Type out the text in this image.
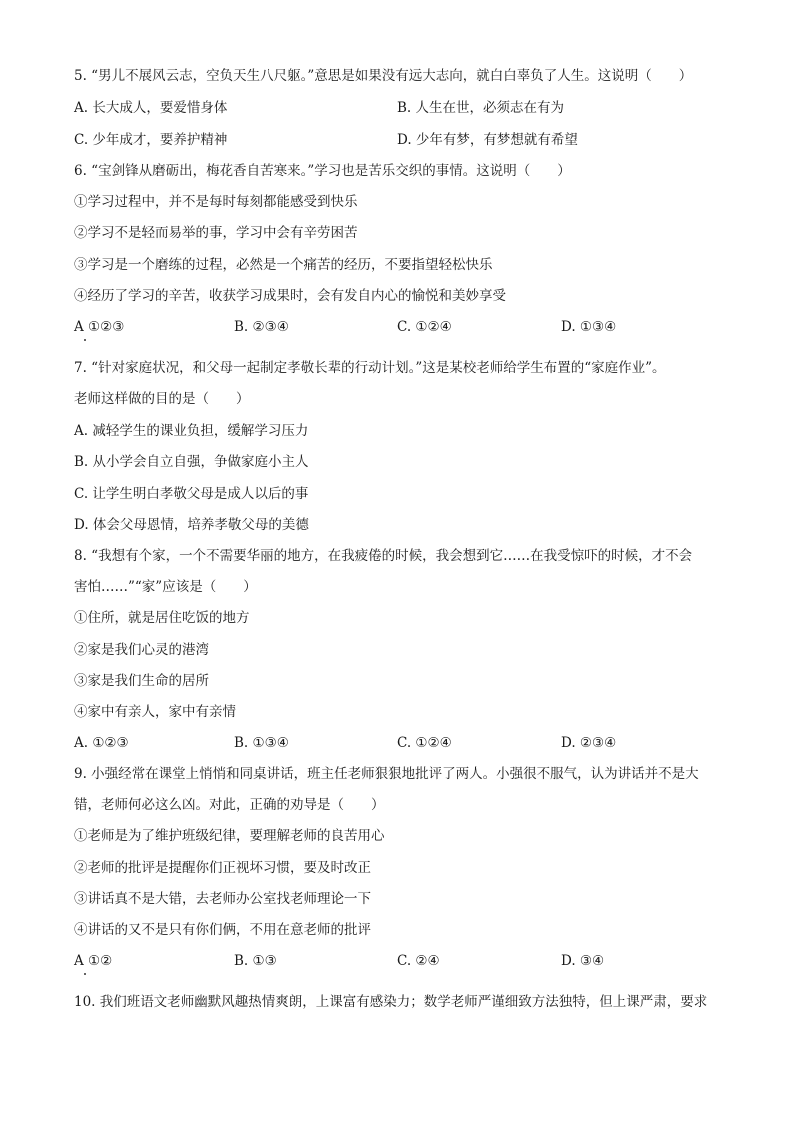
5. “男儿不展风云志，空负天生八尺躯。”意思是如果没有远大志向，就白白辜负了人生。这说明（　　）
A. 长大成人，要爱惜身体	B. 人生在世，必须志在有为
C. 少年成才，要养护精神	D. 少年有梦，有梦想就有希望
6. “宝剑锋从磨砺出，梅花香自苦寒来。”学习也是苦乐交织的事情。这说明（　　）
①学习过程中，并不是每时每刻都能感受到快乐
②学习不是轻而易举的事，学习中会有辛劳困苦
③学习是一个磨练的过程，必然是一个痛苦的经历，不要指望轻松快乐
④经历了学习的辛苦，收获学习成果时，会有发自内心的愉悦和美妙享受
A ①②③	B. ②③④	C. ①②④	D. ①③④
7. “针对家庭状况，和父母一起制定孝敬长辈的行动计划。”这是某校老师给学生布置的“家庭作业”。
老师这样做的目的是（　　）
A. 减轻学生的课业负担，缓解学习压力
B. 从小学会自立自强，争做家庭小主人
C. 让学生明白孝敬父母是成人以后的事
D. 体会父母恩情，培养孝敬父母的美德
8. “我想有个家，一个不需要华丽的地方，在我疲倦的时候，我会想到它……在我受惊吓的时候，才不会
害怕……”“家”应该是（　　）
①住所，就是居住吃饭的地方
②家是我们心灵的港湾
③家是我们生命的居所
④家中有亲人，家中有亲情
A. ①②③	B. ①③④	C. ①②④	D. ②③④
9. 小强经常在课堂上悄悄和同桌讲话，班主任老师狠狠地批评了两人。小强很不服气，认为讲话并不是大
错，老师何必这么凶。对此，正确的劝导是（　　）
①老师是为了维护班级纪律，要理解老师的良苦用心
②老师的批评是提醒你们正视坏习惯，要及时改正
③讲话真不是大错，去老师办公室找老师理论一下
④讲话的又不是只有你们俩，不用在意老师的批评
A ①②	B. ①③	C. ②④	D. ③④
10. 我们班语文老师幽默风趣热情爽朗，上课富有感染力；数学老师严谨细致方法独特，但上课严肃，要求
